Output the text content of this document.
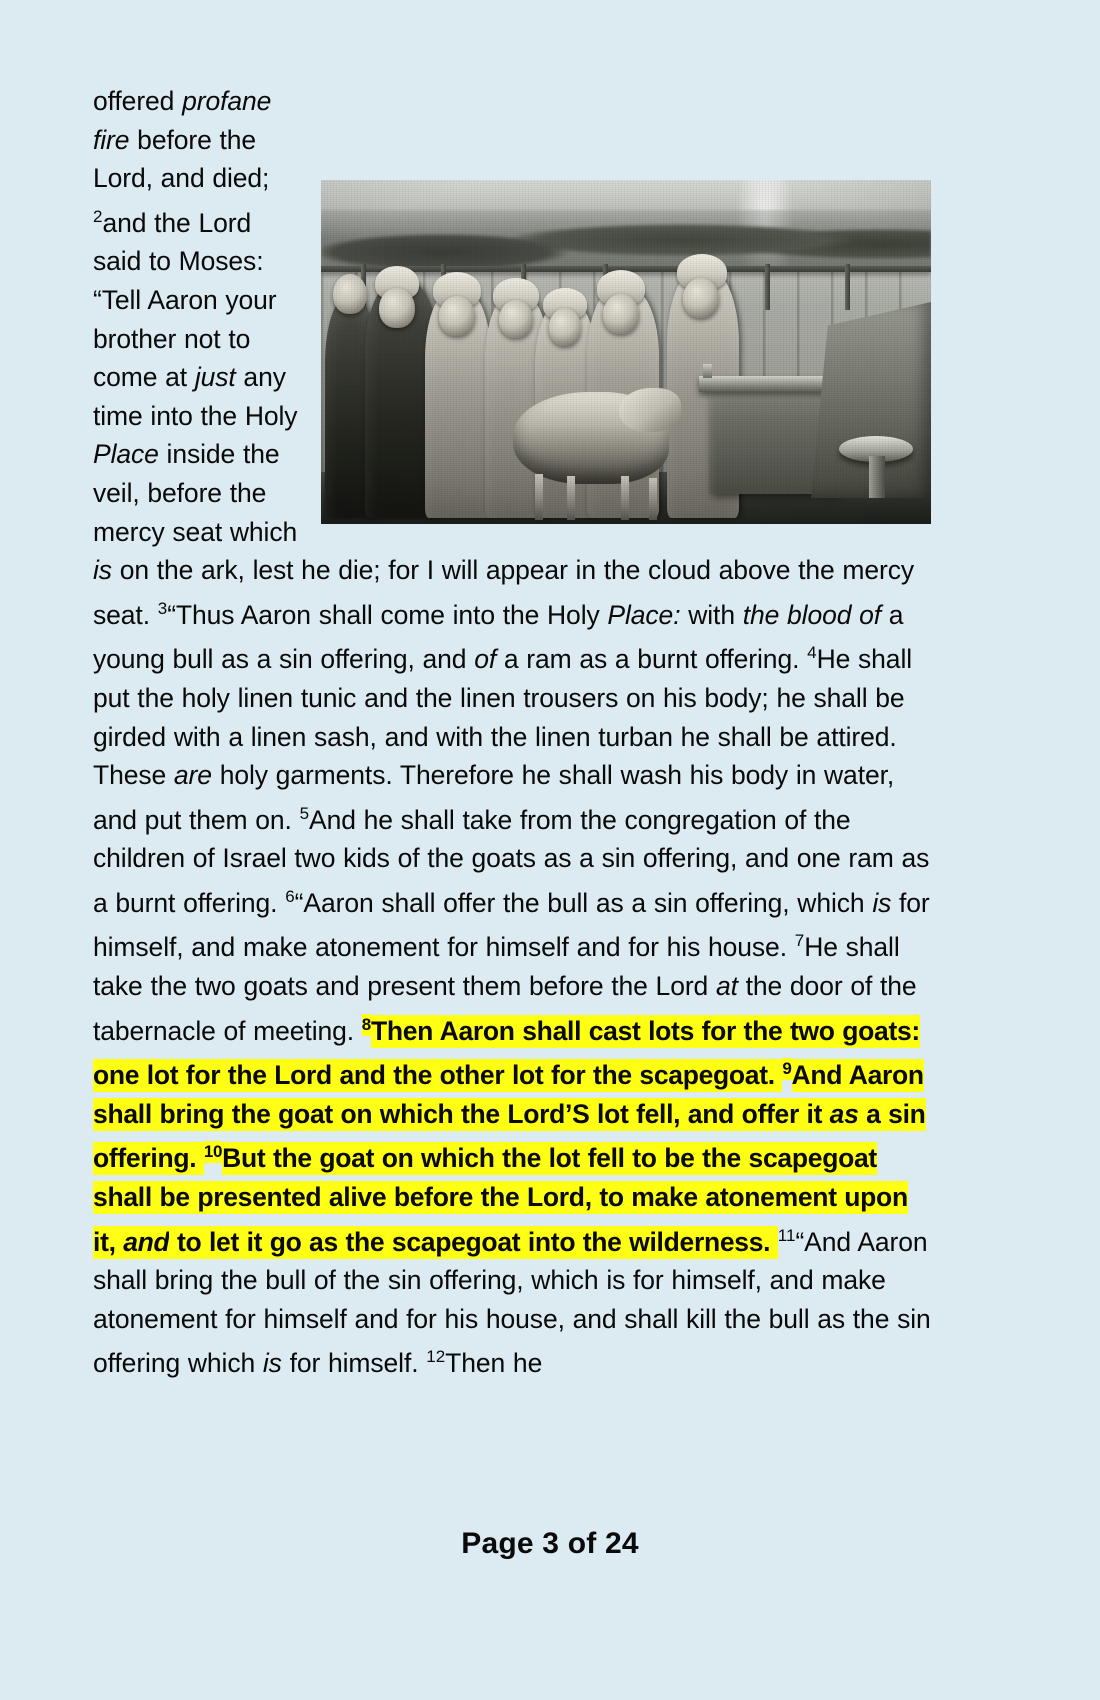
offered profane fire before the Lord, and died; $^2$and the Lord said to Moses: “Tell Aaron your brother not to come at just any time into the Holy Place inside the veil, before the mercy seat which is on the ark, lest he die; for I will appear in the cloud above the mercy seat. $^3$“Thus Aaron shall come into the Holy Place: with the blood of a young bull as a sin offering, and of a ram as a burnt offering. $^4$He shall put the holy linen tunic and the linen trousers on his body; he shall be girded with a linen sash, and with the linen turban he shall be attired. These are holy garments. Therefore he shall wash his body in water, and put them on. $^5$And he shall take from the congregation of the children of Israel two kids of the goats as a sin offering, and one ram as a burnt offering. $^6$“Aaron shall offer the bull as a sin offering, which is for himself, and make atonement for himself and for his house. $^7$He shall take the two goats and present them before the Lord at the door of the tabernacle of meeting. $^8$Then Aaron shall cast lots for the two goats: one lot for the Lord and the other lot for the scapegoat. $^9$And Aaron shall bring the goat on which the Lord’S lot fell, and offer it as a sin offering. $^{10}$But the goat on which the lot fell to be the scapegoat shall be presented alive before the Lord, to make atonement upon it, and to let it go as the scapegoat into the wilderness. $^{11}$“And Aaron shall bring the bull of the sin offering, which is for himself, and make atonement for himself and for his house, and shall kill the bull as the sin offering which is for himself. $^{12}$Then he
Page 3 of 24
